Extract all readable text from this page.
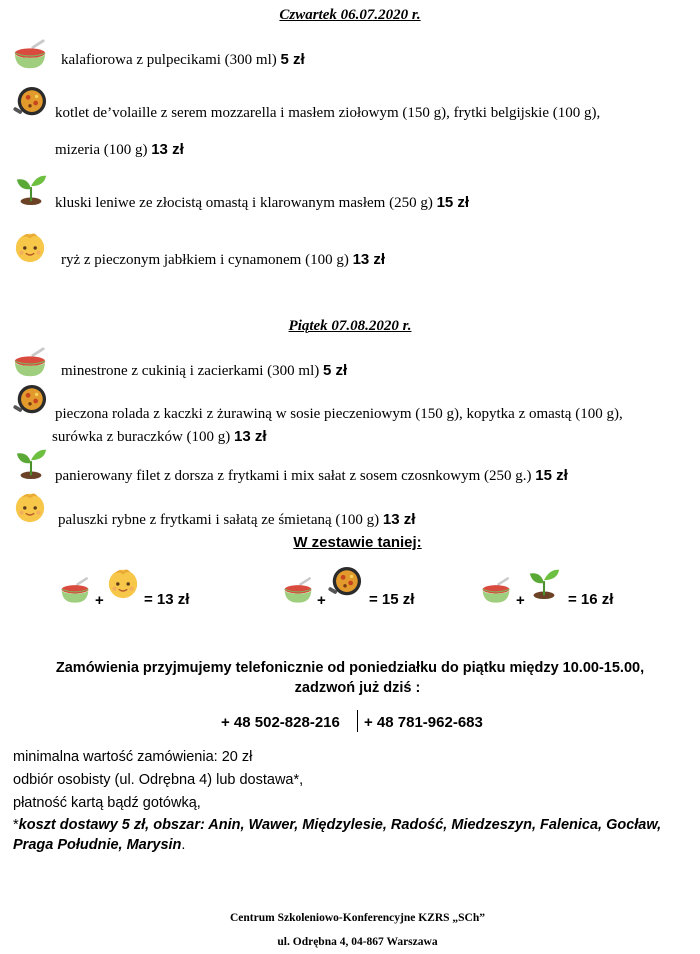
Czwartek 06.07.2020 r.
kalafiorowa z pulpecikami (300 ml) 5 zł
kotlet de’volaille z serem mozzarella i masłem ziołowym (150 g), frytki belgijskie (100 g),
mizeria (100 g) 13 zł
kluski leniwe ze złocistą omastą i klarowanym masłem (250 g) 15 zł
ryż z pieczonym jabłkiem i cynamonem (100 g) 13 zł
Piątek 07.08.2020 r.
minestrone z cukinią i zacierkami (300 ml) 5 zł
pieczona rolada z kaczki z żurawiną w sosie pieczeniowym (150 g), kopytka z omastą (100 g),
surówka z buraczków (100 g) 13 zł
panierowany filet z dorsza z frytkami i mix sałat z sosem czosnkowym (250 g.) 15 zł
paluszki rybne z frytkami i sałatą ze śmietaną (100 g) 13 zł
W zestawie taniej:
+	= 13 zł	+	= 15 zł	+	= 16 zł
Zamówienia przyjmujemy telefonicznie od poniedziałku do piątku między 10.00-15.00,
zadzwoń już dziś :
+ 48 502-828-216 + 48 781-962-683
minimalna wartość zamówienia: 20 zł
odbiór osobisty (ul. Odrębna 4) lub dostawa*,
płatność kartą bądź gotówką,
*koszt dostawy 5 zł, obszar: Anin, Wawer, Międzylesie, Radość, Miedzeszyn, Falenica, Gocław,
Praga Południe, Marysin.
Centrum Szkoleniowo-Konferencyjne KZRS „SCh”
ul. Odrębna 4, 04-867 Warszawa
